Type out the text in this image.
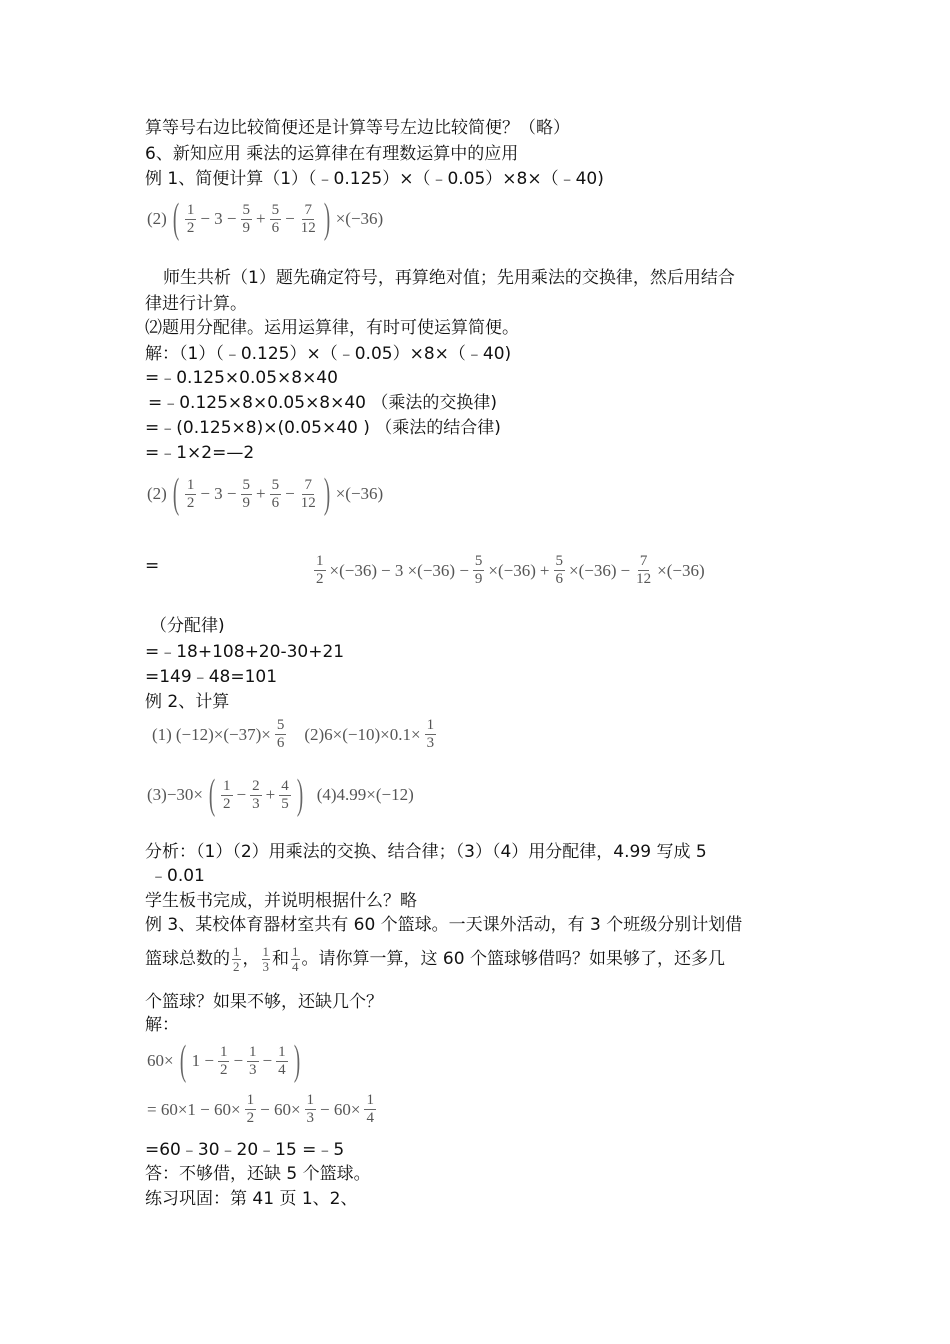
算等号右边比较简便还是计算等号左边比较简便？（略）
6、新知应用 乘法的运算律在有理数运算中的应用
例 1、简便计算（1）（﹣0.125）×（﹣0.05）×8×（﹣40)
(2) ( $\frac{1}{2} - 3 - \frac{5}{9} + \frac{5}{6} - \frac{7}{12}$ ) ×(−36)
师生共析（1）题先确定符号，再算绝对值；先用乘法的交换律，然后用结合
律进行计算。
⑵题用分配律。运用运算律，有时可使运算简便。
解：（1）（﹣0.125）×（﹣0.05）×8×（﹣40)
=﹣0.125×0.05×8×40
=﹣0.125×8×0.05×8×40 （乘法的交换律)
=﹣(0.125×8)×(0.05×40 ) （乘法的结合律)
=﹣1×2=—2
(2) ( $\frac{1}{2} - 3 - \frac{5}{9} + \frac{5}{6} - \frac{7}{12}$ ) ×(−36)
=	$\frac{1}{2} \times(-36) - 3 \times(-36) - \frac{5}{9} \times(-36) + \frac{5}{6} \times(-36) - \frac{7}{12} \times(-36)$
（分配律)
=﹣18+108+20-30+21
=149﹣48=101
例 2、计算
(1) $(-12)\times(-37)\times \frac{5}{6} (2)6\times(-10)\times 0.1\times \frac{1}{3}$
(3)−30× ( $\frac{1}{2} - \frac{2}{3} + \frac{4}{5}$ ) (4)4.99×(−12)
分析：（1）（2）用乘法的交换、结合律；（3）（4）用分配律，4.99 写成 5
﹣0.01
学生板书完成，并说明根据什么？略
例 3、某校体育器材室共有 60 个篮球。一天课外活动，有 3 个班级分别计划借
篮球总数的 $\frac{1}{2}$ ， $\frac{1}{3}$ 和 $\frac{1}{4}$ 。请你算一算，这 60 个篮球够借吗？如果够了，还多几
个篮球？如果不够，还缺几个？
解：
60× ( $1 - \frac{1}{2} - \frac{1}{3} - \frac{1}{4}$ )
= $60\times 1 - 60\times \frac{1}{2} - 60\times \frac{1}{3} - 60\times \frac{1}{4}$
=60﹣30﹣20﹣15 =﹣5
答：不够借，还缺 5 个篮球。
练习巩固：第 41 页 1、2、
